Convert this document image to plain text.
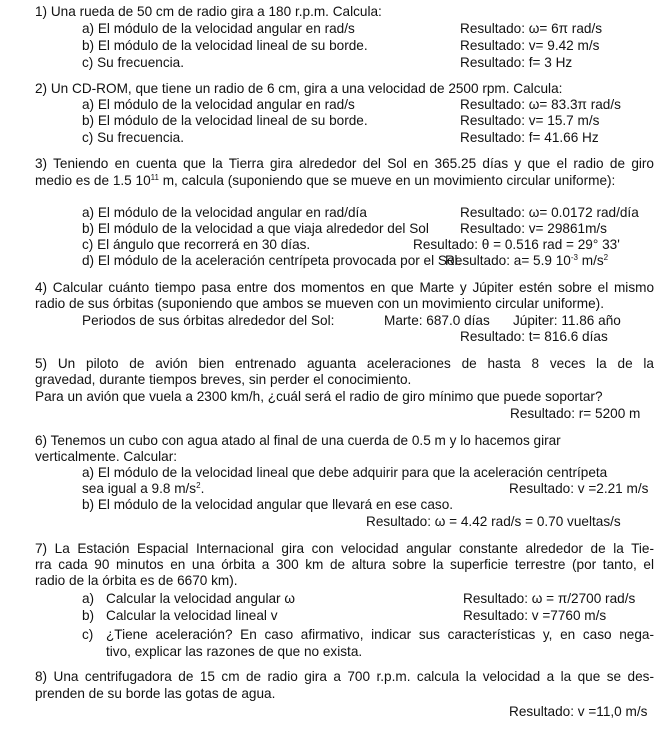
1) Una rueda de 50 cm de radio gira a 180 r.p.m. Calcula:
a) El módulo de la velocidad angular en rad/s	Resultado: ω= 6π rad/s
b) El módulo de la velocidad lineal de su borde.	Resultado: v= 9.42 m/s
c) Su frecuencia.	Resultado: f= 3 Hz
2) Un CD-ROM, que tiene un radio de 6 cm, gira a una velocidad de 2500 rpm. Calcula:
a) El módulo de la velocidad angular en rad/s	Resultado: ω= 83.3π rad/s
b) El módulo de la velocidad lineal de su borde.	Resultado: v= 15.7 m/s
c) Su frecuencia.	Resultado: f= 41.66 Hz
3) Teniendo en cuenta que la Tierra gira alrededor del Sol en 365.25 días y que el radio de giro
medio es de 1.5 $10^{11}$ m, calcula (suponiendo que se mueve en un movimiento circular uniforme):
a) El módulo de la velocidad angular en rad/día	Resultado: ω= 0.0172 rad/día
b) El módulo de la velocidad a que viaja alrededor del Sol Resultado: v= 29861m/s
c) El ángulo que recorrerá en 30 días.	Resultado: θ = 0.516 rad = 29° 33'
d) El módulo de la aceleración centrípeta provocada por el Sol.
Resultado: a= 5.9 $10^{-3}$ $m/s^2$
4) Calcular cuánto tiempo pasa entre dos momentos en que Marte y Júpiter estén sobre el mismo
radio de sus órbitas (suponiendo que ambos se mueven con un movimiento circular uniforme).
Periodos de sus órbitas alrededor del Sol:	Marte: 687.0 días Júpiter: 11.86 año
Resultado: t= 816.6 días
5) Un piloto de avión bien entrenado aguanta aceleraciones de hasta 8 veces la de la
gravedad, durante tiempos breves, sin perder el conocimiento.
Para un avión que vuela a 2300 km/h, ¿cuál será el radio de giro mínimo que puede soportar?
Resultado: r= 5200 m
6) Tenemos un cubo con agua atado al final de una cuerda de 0.5 m y lo hacemos girar
verticalmente. Calcular:
a) El módulo de la velocidad lineal que debe adquirir para que la aceleración centrípeta
sea igual a 9.8 $m/s^2$.	Resultado: v =2.21 m/s
b) El módulo de la velocidad angular que llevará en ese caso.
Resultado: ω = 4.42 rad/s = 0.70 vueltas/s
7) La Estación Espacial Internacional gira con velocidad angular constante alrededor de la Tie-
rra cada 90 minutos en una órbita a 300 km de altura sobre la superficie terrestre (por tanto, el
radio de la órbita es de 6670 km).
a) Calcular la velocidad angular ω	Resultado: ω = π/2700 rad/s
b) Calcular la velocidad lineal v	Resultado: v =7760 m/s
c) ¿Tiene aceleración? En caso afirmativo, indicar sus características y, en caso nega-
tivo, explicar las razones de que no exista.
8) Una centrifugadora de 15 cm de radio gira a 700 r.p.m. calcula la velocidad a la que se des-
prenden de su borde las gotas de agua.
Resultado: v =11,0 m/s
